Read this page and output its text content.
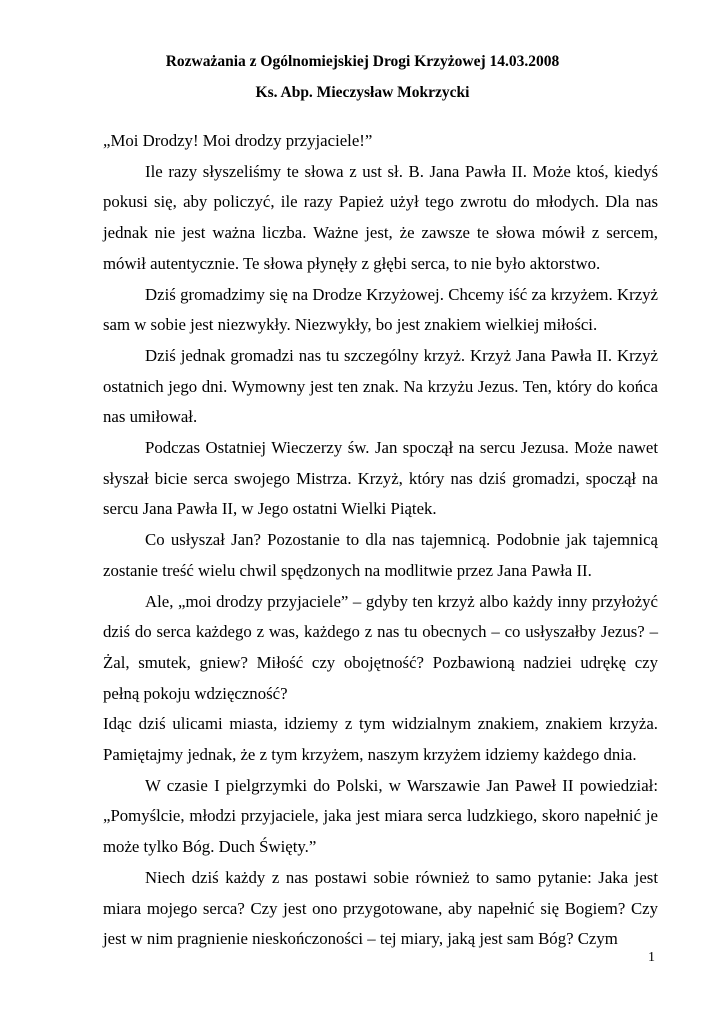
Rozważania z Ogólnomiejskiej Drogi Krzyżowej 14.03.2008
Ks. Abp. Mieczysław Mokrzycki

„Moi Drodzy! Moi drodzy przyjaciele!”

Ile razy słyszeliśmy te słowa z ust sł. B. Jana Pawła II. Może ktoś, kiedyś pokusi się, aby policzyć, ile razy Papież użył tego zwrotu do młodych. Dla nas jednak nie jest ważna liczba. Ważne jest, że zawsze te słowa mówił z sercem, mówił autentycznie. Te słowa płynęły z głębi serca, to nie było aktorstwo.

Dziś gromadzimy się na Drodze Krzyżowej. Chcemy iść za krzyżem. Krzyż sam w sobie jest niezwykły. Niezwykły, bo jest znakiem wielkiej miłości.

Dziś jednak gromadzi nas tu szczególny krzyż. Krzyż Jana Pawła II. Krzyż ostatnich jego dni. Wymowny jest ten znak. Na krzyżu Jezus. Ten, który do końca nas umiłował.

Podczas Ostatniej Wieczerzy św. Jan spoczął na sercu Jezusa. Może nawet słyszał bicie serca swojego Mistrza. Krzyż, który nas dziś gromadzi, spoczął na sercu Jana Pawła II, w Jego ostatni Wielki Piątek.

Co usłyszał Jan? Pozostanie to dla nas tajemnicą. Podobnie jak tajemnicą zostanie treść wielu chwil spędzonych na modlitwie przez Jana Pawła II.

Ale, „moi drodzy przyjaciele” – gdyby ten krzyż albo każdy inny przyłożyć dziś do serca każdego z was, każdego z nas tu obecnych – co usłyszałby Jezus? – Żal, smutek, gniew? Miłość czy obojętność? Pozbawioną nadziei udrękę czy pełną pokoju wdzięczność?

Idąc dziś ulicami miasta, idziemy z tym widzialnym znakiem, znakiem krzyża. Pamiętajmy jednak, że z tym krzyżem, naszym krzyżem idziemy każdego dnia.

W czasie I pielgrzymki do Polski, w Warszawie Jan Paweł II powiedział: „Pomyślcie, młodzi przyjaciele, jaka jest miara serca ludzkiego, skoro napełnić je może tylko Bóg. Duch Święty.”

Niech dziś każdy z nas postawi sobie również to samo pytanie: Jaka jest miara mojego serca? Czy jest ono przygotowane, aby napełnić się Bogiem? Czy jest w nim pragnienie nieskończoności – tej miary, jaką jest sam Bóg? Czym

1
